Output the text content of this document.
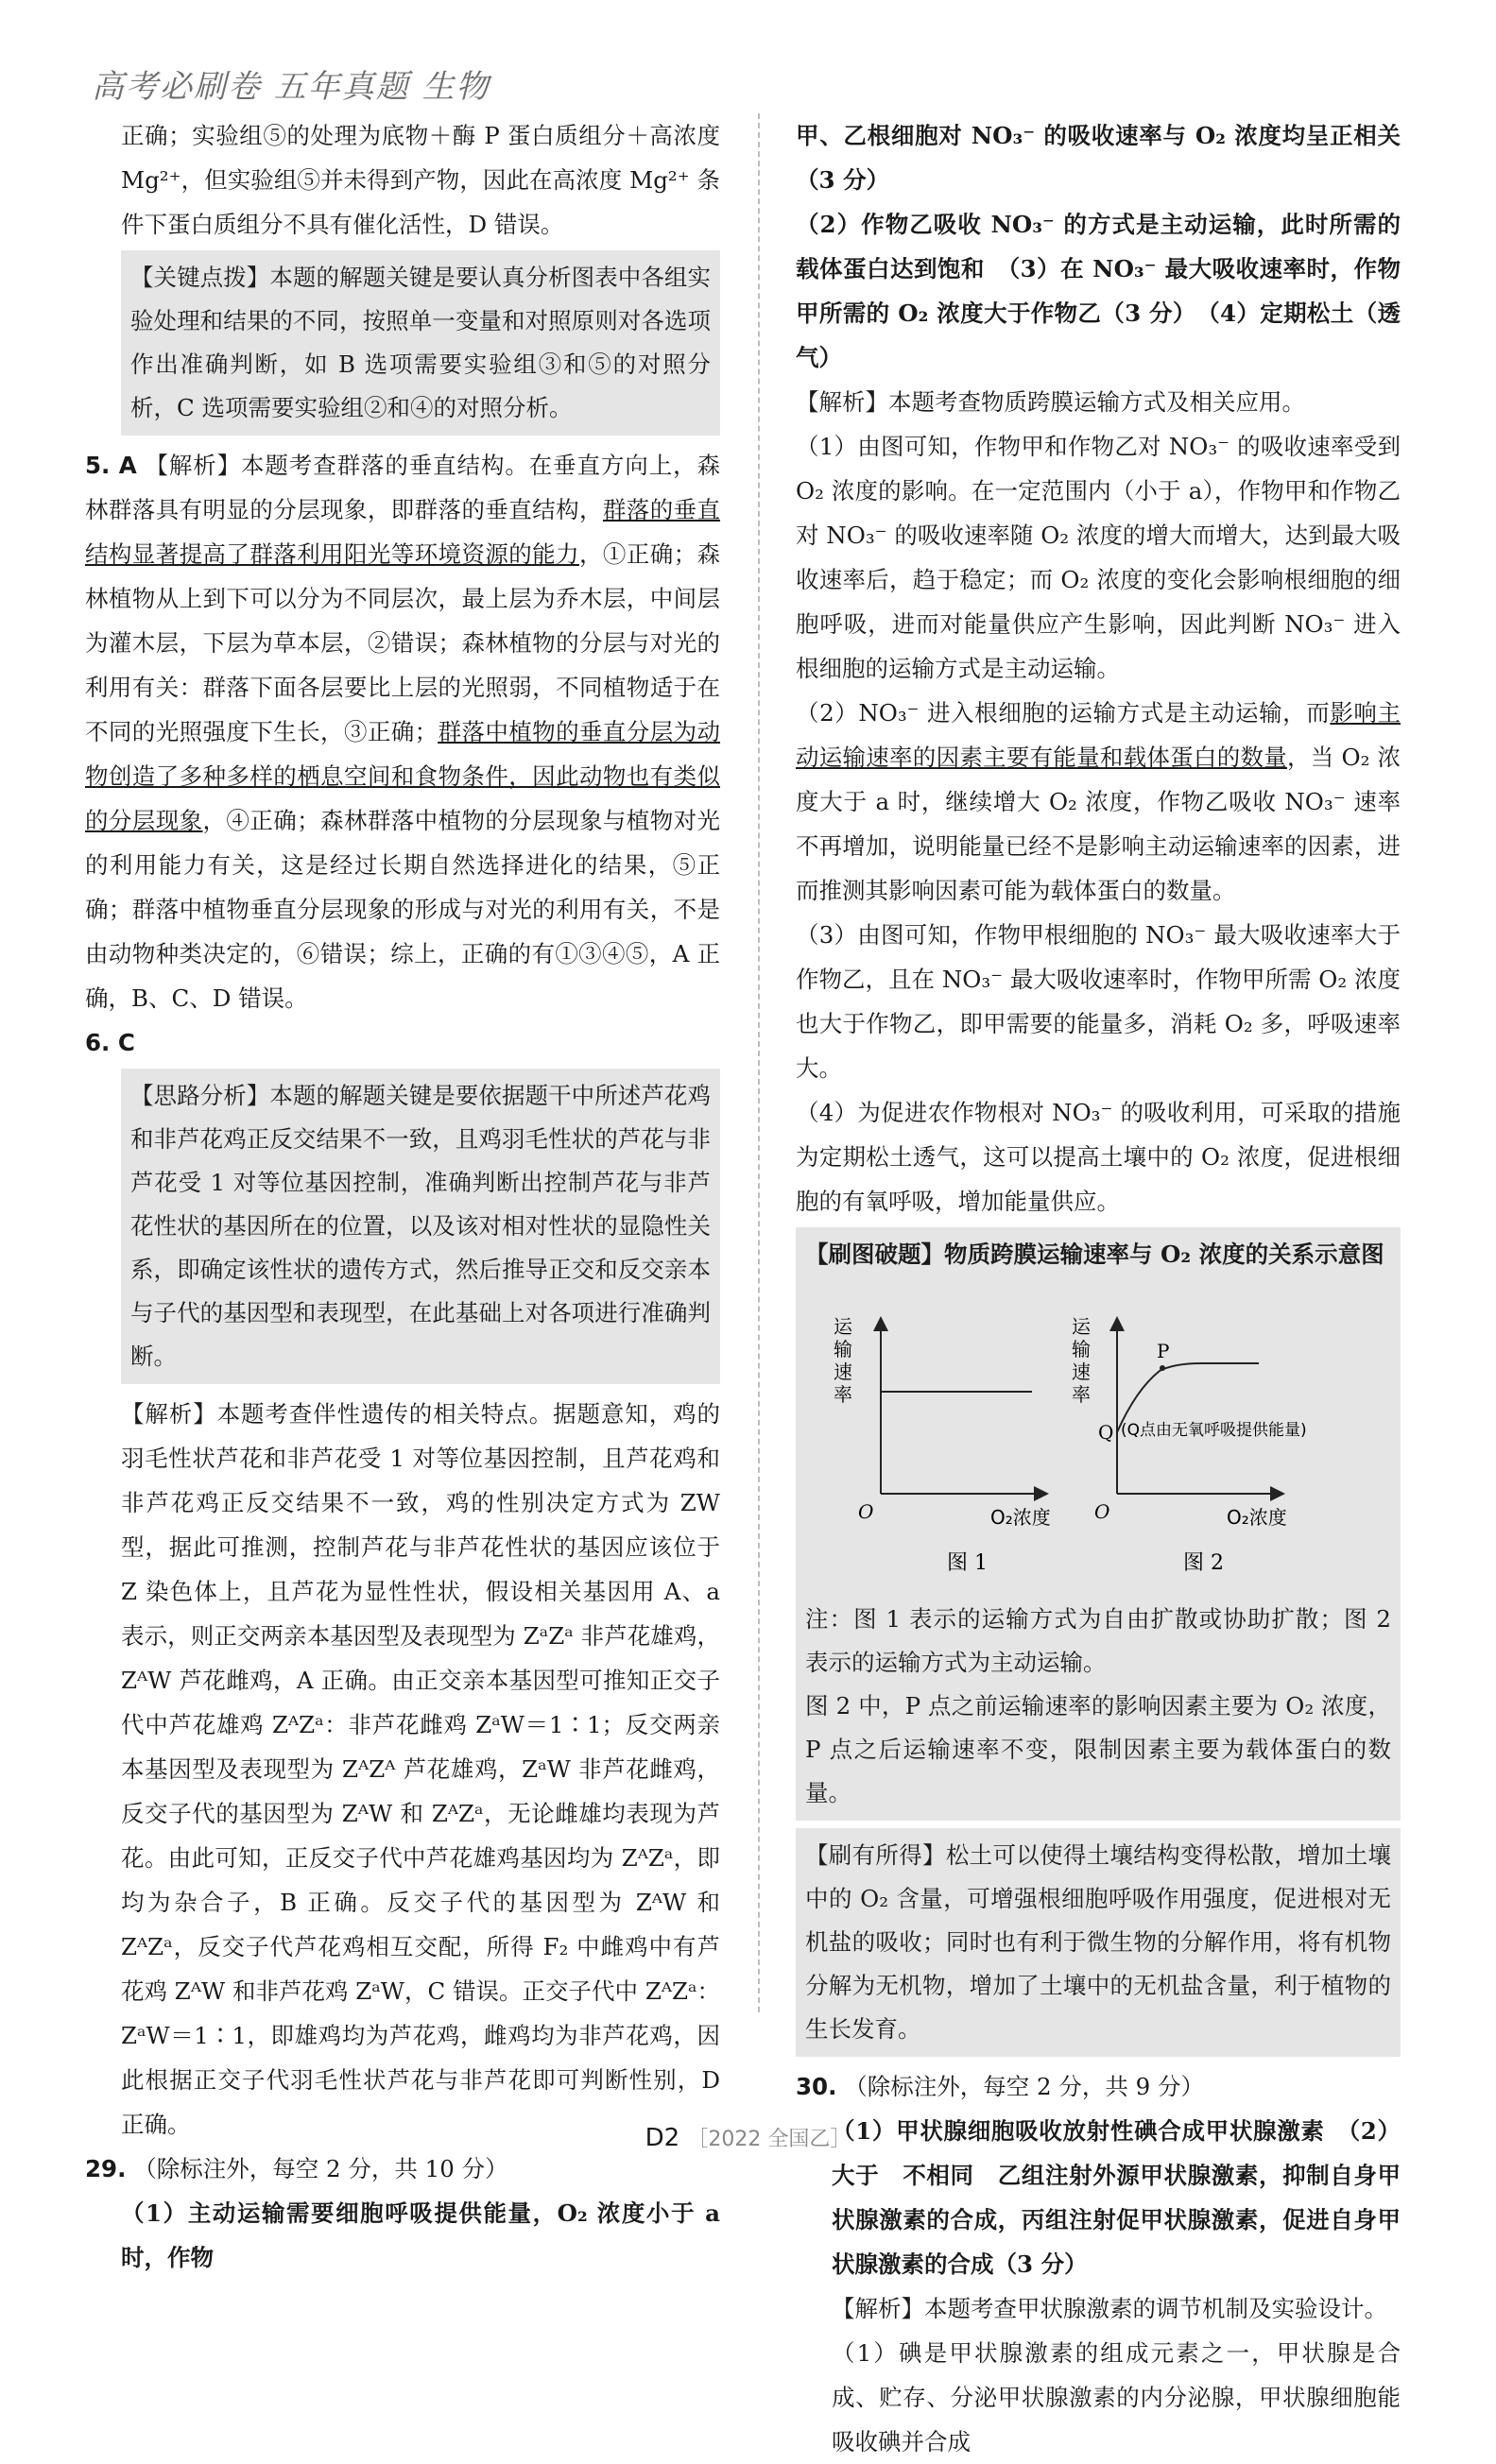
高考必刷卷 五年真题 生物

正确；实验组⑤的处理为底物＋酶 P 蛋白质组分＋高浓度 Mg²⁺，但实验组⑤并未得到产物，因此在高浓度 Mg²⁺ 条件下蛋白质组分不具有催化活性，D 错误。

【关键点拨】本题的解题关键是要认真分析图表中各组实验处理和结果的不同，按照单一变量和对照原则对各选项作出准确判断，如 B 选项需要实验组③和⑤的对照分析，C 选项需要实验组②和④的对照分析。

5. A 【解析】本题考查群落的垂直结构。在垂直方向上，森林群落具有明显的分层现象，即群落的垂直结构，群落的垂直结构显著提高了群落利用阳光等环境资源的能力，①正确；森林植物从上到下可以分为不同层次，最上层为乔木层，中间层为灌木层，下层为草本层，②错误；森林植物的分层与对光的利用有关：群落下面各层要比上层的光照弱，不同植物适于在不同的光照强度下生长，③正确；群落中植物的垂直分层为动物创造了多种多样的栖息空间和食物条件，因此动物也有类似的分层现象，④正确；森林群落中植物的分层现象与植物对光的利用能力有关，这是经过长期自然选择进化的结果，⑤正确；群落中植物垂直分层现象的形成与对光的利用有关，不是由动物种类决定的，⑥错误；综上，正确的有①③④⑤，A 正确，B、C、D 错误。

6. C

【思路分析】本题的解题关键是要依据题干中所述芦花鸡和非芦花鸡正反交结果不一致，且鸡羽毛性状的芦花与非芦花受 1 对等位基因控制，准确判断出控制芦花与非芦花性状的基因所在的位置，以及该对相对性状的显隐性关系，即确定该性状的遗传方式，然后推导正交和反交亲本与子代的基因型和表现型，在此基础上对各项进行准确判断。

【解析】本题考查伴性遗传的相关特点。据题意知，鸡的羽毛性状芦花和非芦花受 1 对等位基因控制，且芦花鸡和非芦花鸡正反交结果不一致，鸡的性别决定方式为 ZW 型，据此可推测，控制芦花与非芦花性状的基因应该位于 Z 染色体上，且芦花为显性性状，假设相关基因用 A、a 表示，则正交两亲本基因型及表现型为 ZᵃZᵃ 非芦花雄鸡，ZᴬW 芦花雌鸡，A 正确。由正交亲本基因型可推知正交子代中芦花雄鸡 ZᴬZᵃ：非芦花雌鸡 ZᵃW＝1∶1；反交两亲本基因型及表现型为 ZᴬZᴬ 芦花雄鸡，ZᵃW 非芦花雌鸡，反交子代的基因型为 ZᴬW 和 ZᴬZᵃ，无论雌雄均表现为芦花。由此可知，正反交子代中芦花雄鸡基因均为 ZᴬZᵃ，即均为杂合子，B 正确。反交子代的基因型为 ZᴬW 和 ZᴬZᵃ，反交子代芦花鸡相互交配，所得 F₂ 中雌鸡中有芦花鸡 ZᴬW 和非芦花鸡 ZᵃW，C 错误。正交子代中 ZᴬZᵃ：ZᵃW＝1∶1，即雄鸡均为芦花鸡，雌鸡均为非芦花鸡，因此根据正交子代羽毛性状芦花与非芦花即可判断性别，D 正确。

29. （除标注外，每空 2 分，共 10 分）

（1）主动运输需要细胞呼吸提供能量，O₂ 浓度小于 a 时，作物

甲、乙根细胞对 NO₃⁻ 的吸收速率与 O₂ 浓度均呈正相关（3 分）

（2）作物乙吸收 NO₃⁻ 的方式是主动运输，此时所需的载体蛋白达到饱和　（3）在 NO₃⁻ 最大吸收速率时，作物甲所需的 O₂ 浓度大于作物乙（3 分）　（4）定期松土（透气）

【解析】本题考查物质跨膜运输方式及相关应用。

（1）由图可知，作物甲和作物乙对 NO₃⁻ 的吸收速率受到 O₂ 浓度的影响。在一定范围内（小于 a），作物甲和作物乙对 NO₃⁻ 的吸收速率随 O₂ 浓度的增大而增大，达到最大吸收速率后，趋于稳定；而 O₂ 浓度的变化会影响根细胞的细胞呼吸，进而对能量供应产生影响，因此判断 NO₃⁻ 进入根细胞的运输方式是主动运输。

（2）NO₃⁻ 进入根细胞的运输方式是主动运输，而影响主动运输速率的因素主要有能量和载体蛋白的数量，当 O₂ 浓度大于 a 时，继续增大 O₂ 浓度，作物乙吸收 NO₃⁻ 速率不再增加，说明能量已经不是影响主动运输速率的因素，进而推测其影响因素可能为载体蛋白的数量。

（3）由图可知，作物甲根细胞的 NO₃⁻ 最大吸收速率大于作物乙，且在 NO₃⁻ 最大吸收速率时，作物甲所需 O₂ 浓度也大于作物乙，即甲需要的能量多，消耗 O₂ 多，呼吸速率大。

（4）为促进农作物根对 NO₃⁻ 的吸收利用，可采取的措施为定期松土透气，这可以提高土壤中的 O₂ 浓度，促进根细胞的有氧呼吸，增加能量供应。

【刷图破题】物质跨膜运输速率与 O₂ 浓度的关系示意图

运
输
速
率
O	O₂浓度
图 1
P
Q (Q点由无氧呼吸提供能量)
运
输
速
率
O	O₂浓度
图 2

注：图 1 表示的运输方式为自由扩散或协助扩散；图 2 表示的运输方式为主动运输。

图 2 中，P 点之前运输速率的影响因素主要为 O₂ 浓度，P 点之后运输速率不变，限制因素主要为载体蛋白的数量。

【刷有所得】松土可以使得土壤结构变得松散，增加土壤中的 O₂ 含量，可增强根细胞呼吸作用强度，促进根对无机盐的吸收；同时也有利于微生物的分解作用，将有机物分解为无机物，增加了土壤中的无机盐含量，利于植物的生长发育。

30. （除标注外，每空 2 分，共 9 分）

（1）甲状腺细胞吸收放射性碘合成甲状腺激素　（2）大于　不相同　乙组注射外源甲状腺激素，抑制自身甲状腺激素的合成，丙组注射促甲状腺激素，促进自身甲状腺激素的合成（3 分）

【解析】本题考查甲状腺激素的调节机制及实验设计。

（1）碘是甲状腺激素的组成元素之一，甲状腺是合成、贮存、分泌甲状腺激素的内分泌腺，甲状腺细胞能吸收碘并合成

D2 ［2022 全国乙］
